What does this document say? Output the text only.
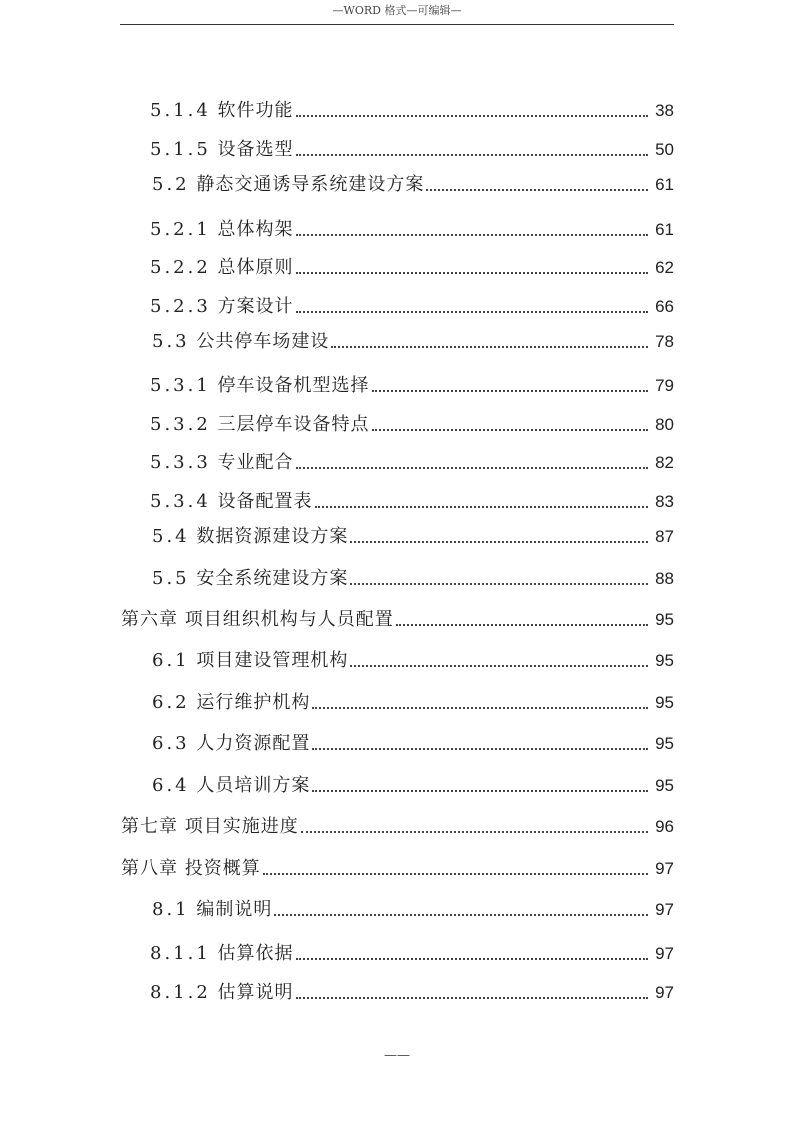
—WORD 格式—可编辑—
5.1.4 软件功能	38
5.1.5 设备选型	50
5.2 静态交通诱导系统建设方案	61
5.2.1 总体构架	61
5.2.2 总体原则	62
5.2.3 方案设计	66
5.3 公共停车场建设	78
5.3.1 停车设备机型选择	79
5.3.2 三层停车设备特点	80
5.3.3 专业配合	82
5.3.4 设备配置表	83
5.4 数据资源建设方案	87
5.5 安全系统建设方案	88
第六章 项目组织机构与人员配置	95
6.1 项目建设管理机构	95
6.2 运行维护机构	95
6.3 人力资源配置	95
6.4 人员培训方案	95
第七章 项目实施进度	96
第八章 投资概算	97
8.1 编制说明	97
8.1.1 估算依据	97
8.1.2 估算说明	97
——
